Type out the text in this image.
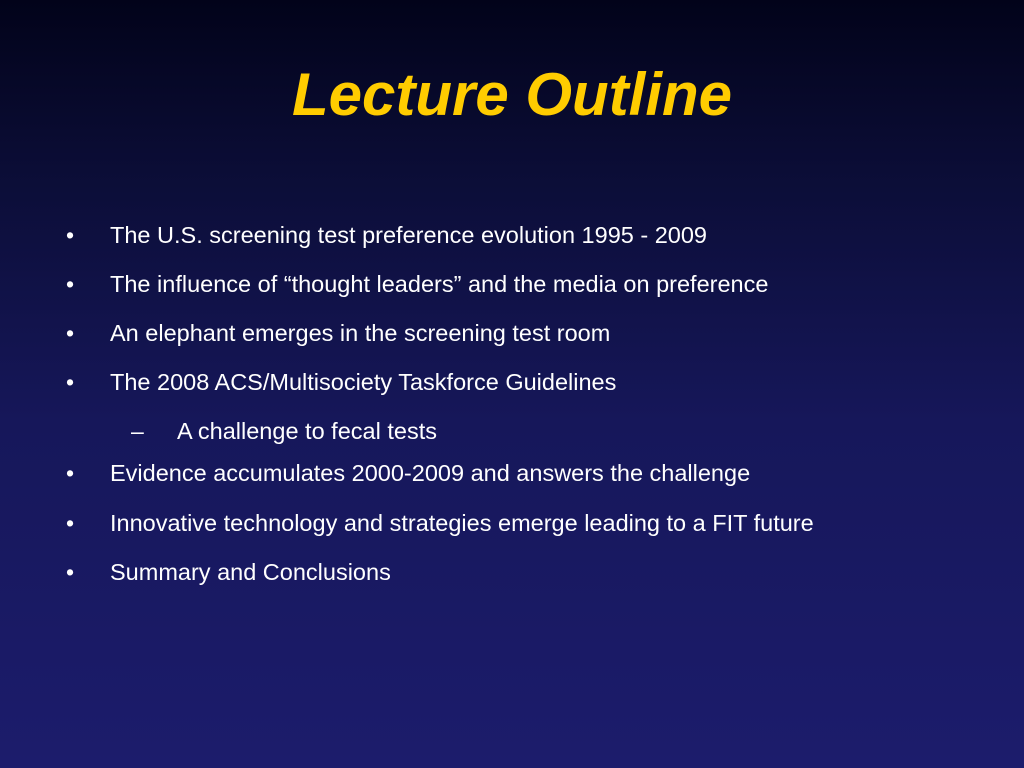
Lecture Outline
• The U.S. screening test preference evolution 1995 - 2009
• The influence of “thought leaders” and the media on preference
• An elephant emerges in the screening test room
• The 2008 ACS/Multisociety Taskforce Guidelines
– A challenge to fecal tests
• Evidence accumulates 2000-2009 and answers the challenge
• Innovative technology and strategies emerge leading to a FIT future
• Summary and Conclusions
